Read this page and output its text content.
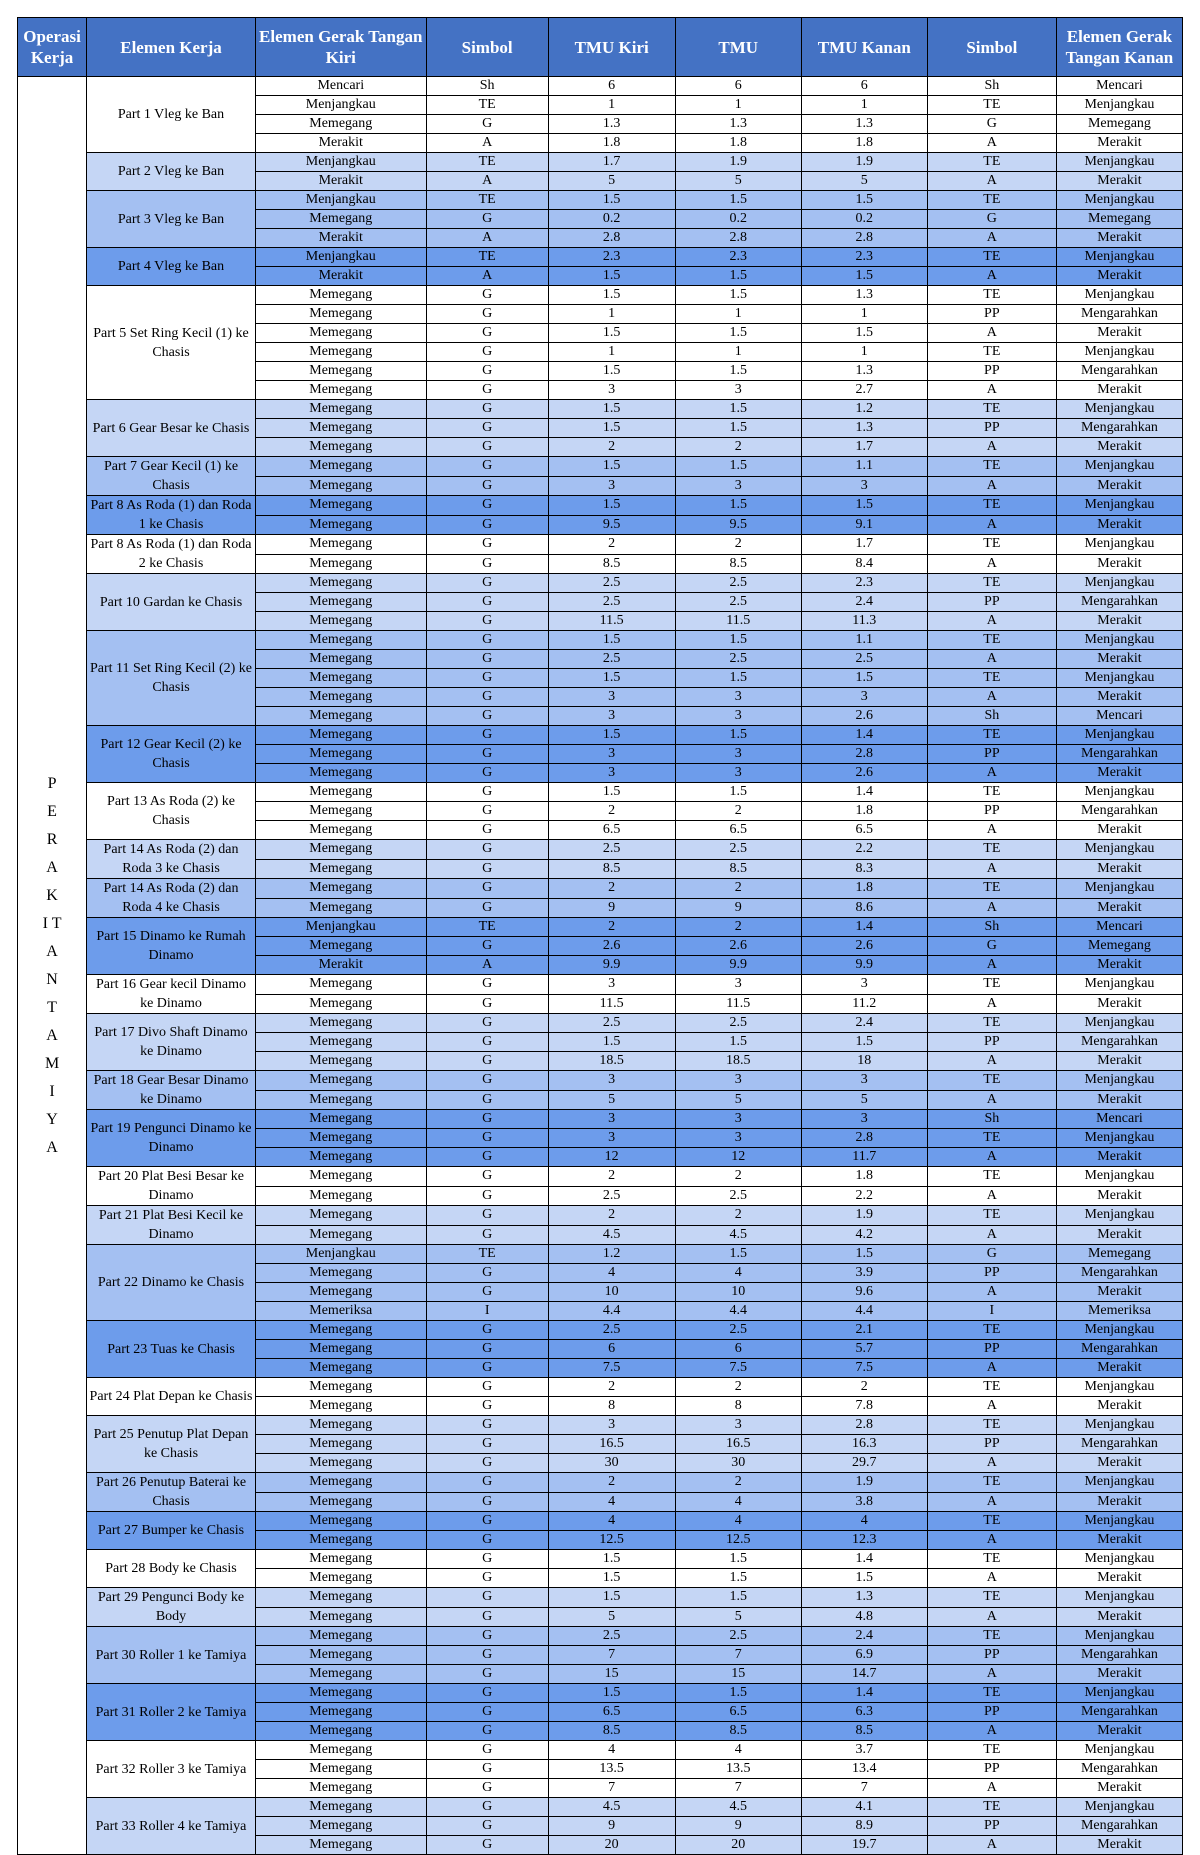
Operasi Kerja	Elemen Kerja	Elemen Gerak Tangan Kiri	Simbol	TMU Kiri	TMU	TMU Kanan	Simbol	Elemen Gerak Tangan Kanan
P E R A K I T A N T A M I Y A	Part 1 Vleg ke Ban	Mencari	Sh	6	6	6	Sh	Mencari
		Menjangkau	TE	1	1	1	TE	Menjangkau
		Memegang	G	1.3	1.3	1.3	G	Memegang
		Merakit	A	1.8	1.8	1.8	A	Merakit
	Part 2 Vleg ke Ban	Menjangkau	TE	1.7	1.9	1.9	TE	Menjangkau
		Merakit	A	5	5	5	A	Merakit
	Part 3 Vleg ke Ban	Menjangkau	TE	1.5	1.5	1.5	TE	Menjangkau
		Memegang	G	0.2	0.2	0.2	G	Memegang
		Merakit	A	2.8	2.8	2.8	A	Merakit
	Part 4 Vleg ke Ban	Menjangkau	TE	2.3	2.3	2.3	TE	Menjangkau
		Merakit	A	1.5	1.5	1.5	A	Merakit
	Part 5 Set Ring Kecil (1) ke Chasis	Memegang	G	1.5	1.5	1.3	TE	Menjangkau
		Memegang	G	1	1	1	PP	Mengarahkan
		Memegang	G	1.5	1.5	1.5	A	Merakit
		Memegang	G	1	1	1	TE	Menjangkau
		Memegang	G	1.5	1.5	1.3	PP	Mengarahkan
		Memegang	G	3	3	2.7	A	Merakit
	Part 6 Gear Besar ke Chasis	Memegang	G	1.5	1.5	1.2	TE	Menjangkau
		Memegang	G	1.5	1.5	1.3	PP	Mengarahkan
		Memegang	G	2	2	1.7	A	Merakit
	Part 7 Gear Kecil (1) ke Chasis	Memegang	G	1.5	1.5	1.1	TE	Menjangkau
		Memegang	G	3	3	3	A	Merakit
	Part 8 As Roda (1) dan Roda 1 ke Chasis	Memegang	G	1.5	1.5	1.5	TE	Menjangkau
		Memegang	G	9.5	9.5	9.1	A	Merakit
	Part 8 As Roda (1) dan Roda 2 ke Chasis	Memegang	G	2	2	1.7	TE	Menjangkau
		Memegang	G	8.5	8.5	8.4	A	Merakit
	Part 10 Gardan ke Chasis	Memegang	G	2.5	2.5	2.3	TE	Menjangkau
		Memegang	G	2.5	2.5	2.4	PP	Mengarahkan
		Memegang	G	11.5	11.5	11.3	A	Merakit
	Part 11 Set Ring Kecil (2) ke Chasis	Memegang	G	1.5	1.5	1.1	TE	Menjangkau
		Memegang	G	2.5	2.5	2.5	A	Merakit
		Memegang	G	1.5	1.5	1.5	TE	Menjangkau
		Memegang	G	3	3	3	A	Merakit
		Memegang	G	3	3	2.6	Sh	Mencari
	Part 12 Gear Kecil (2) ke Chasis	Memegang	G	1.5	1.5	1.4	TE	Menjangkau
		Memegang	G	3	3	2.8	PP	Mengarahkan
		Memegang	G	3	3	2.6	A	Merakit
	Part 13 As Roda (2) ke Chasis	Memegang	G	1.5	1.5	1.4	TE	Menjangkau
		Memegang	G	2	2	1.8	PP	Mengarahkan
		Memegang	G	6.5	6.5	6.5	A	Merakit
	Part 14 As Roda (2) dan Roda 3 ke Chasis	Memegang	G	2.5	2.5	2.2	TE	Menjangkau
		Memegang	G	8.5	8.5	8.3	A	Merakit
	Part 14 As Roda (2) dan Roda 4 ke Chasis	Memegang	G	2	2	1.8	TE	Menjangkau
		Memegang	G	9	9	8.6	A	Merakit
	Part 15 Dinamo ke Rumah Dinamo	Menjangkau	TE	2	2	1.4	Sh	Mencari
		Memegang	G	2.6	2.6	2.6	G	Memegang
		Merakit	A	9.9	9.9	9.9	A	Merakit
	Part 16 Gear kecil Dinamo ke Dinamo	Memegang	G	3	3	3	TE	Menjangkau
		Memegang	G	11.5	11.5	11.2	A	Merakit
	Part 17 Divo Shaft Dinamo ke Dinamo	Memegang	G	2.5	2.5	2.4	TE	Menjangkau
		Memegang	G	1.5	1.5	1.5	PP	Mengarahkan
		Memegang	G	18.5	18.5	18	A	Merakit
	Part 18 Gear Besar Dinamo ke Dinamo	Memegang	G	3	3	3	TE	Menjangkau
		Memegang	G	5	5	5	A	Merakit
	Part 19 Pengunci Dinamo ke Dinamo	Memegang	G	3	3	3	Sh	Mencari
		Memegang	G	3	3	2.8	TE	Menjangkau
		Memegang	G	12	12	11.7	A	Merakit
	Part 20 Plat Besi Besar ke Dinamo	Memegang	G	2	2	1.8	TE	Menjangkau
		Memegang	G	2.5	2.5	2.2	A	Merakit
	Part 21 Plat Besi Kecil ke Dinamo	Memegang	G	2	2	1.9	TE	Menjangkau
		Memegang	G	4.5	4.5	4.2	A	Merakit
	Part 22 Dinamo ke Chasis	Menjangkau	TE	1.2	1.5	1.5	G	Memegang
		Memegang	G	4	4	3.9	PP	Mengarahkan
		Memegang	G	10	10	9.6	A	Merakit
		Memeriksa	I	4.4	4.4	4.4	I	Memeriksa
	Part 23 Tuas ke Chasis	Memegang	G	2.5	2.5	2.1	TE	Menjangkau
		Memegang	G	6	6	5.7	PP	Mengarahkan
		Memegang	G	7.5	7.5	7.5	A	Merakit
	Part 24 Plat Depan ke Chasis	Memegang	G	2	2	2	TE	Menjangkau
		Memegang	G	8	8	7.8	A	Merakit
	Part 25 Penutup Plat Depan ke Chasis	Memegang	G	3	3	2.8	TE	Menjangkau
		Memegang	G	16.5	16.5	16.3	PP	Mengarahkan
		Memegang	G	30	30	29.7	A	Merakit
	Part 26 Penutup Baterai ke Chasis	Memegang	G	2	2	1.9	TE	Menjangkau
		Memegang	G	4	4	3.8	A	Merakit
	Part 27 Bumper ke Chasis	Memegang	G	4	4	4	TE	Menjangkau
		Memegang	G	12.5	12.5	12.3	A	Merakit
	Part 28 Body ke Chasis	Memegang	G	1.5	1.5	1.4	TE	Menjangkau
		Memegang	G	1.5	1.5	1.5	A	Merakit
	Part 29 Pengunci Body ke Body	Memegang	G	1.5	1.5	1.3	TE	Menjangkau
		Memegang	G	5	5	4.8	A	Merakit
	Part 30 Roller 1 ke Tamiya	Memegang	G	2.5	2.5	2.4	TE	Menjangkau
		Memegang	G	7	7	6.9	PP	Mengarahkan
		Memegang	G	15	15	14.7	A	Merakit
	Part 31 Roller 2 ke Tamiya	Memegang	G	1.5	1.5	1.4	TE	Menjangkau
		Memegang	G	6.5	6.5	6.3	PP	Mengarahkan
		Memegang	G	8.5	8.5	8.5	A	Merakit
	Part 32 Roller 3 ke Tamiya	Memegang	G	4	4	3.7	TE	Menjangkau
		Memegang	G	13.5	13.5	13.4	PP	Mengarahkan
		Memegang	G	7	7	7	A	Merakit
	Part 33 Roller 4 ke Tamiya	Memegang	G	4.5	4.5	4.1	TE	Menjangkau
		Memegang	G	9	9	8.9	PP	Mengarahkan
		Memegang	G	20	20	19.7	A	Merakit
